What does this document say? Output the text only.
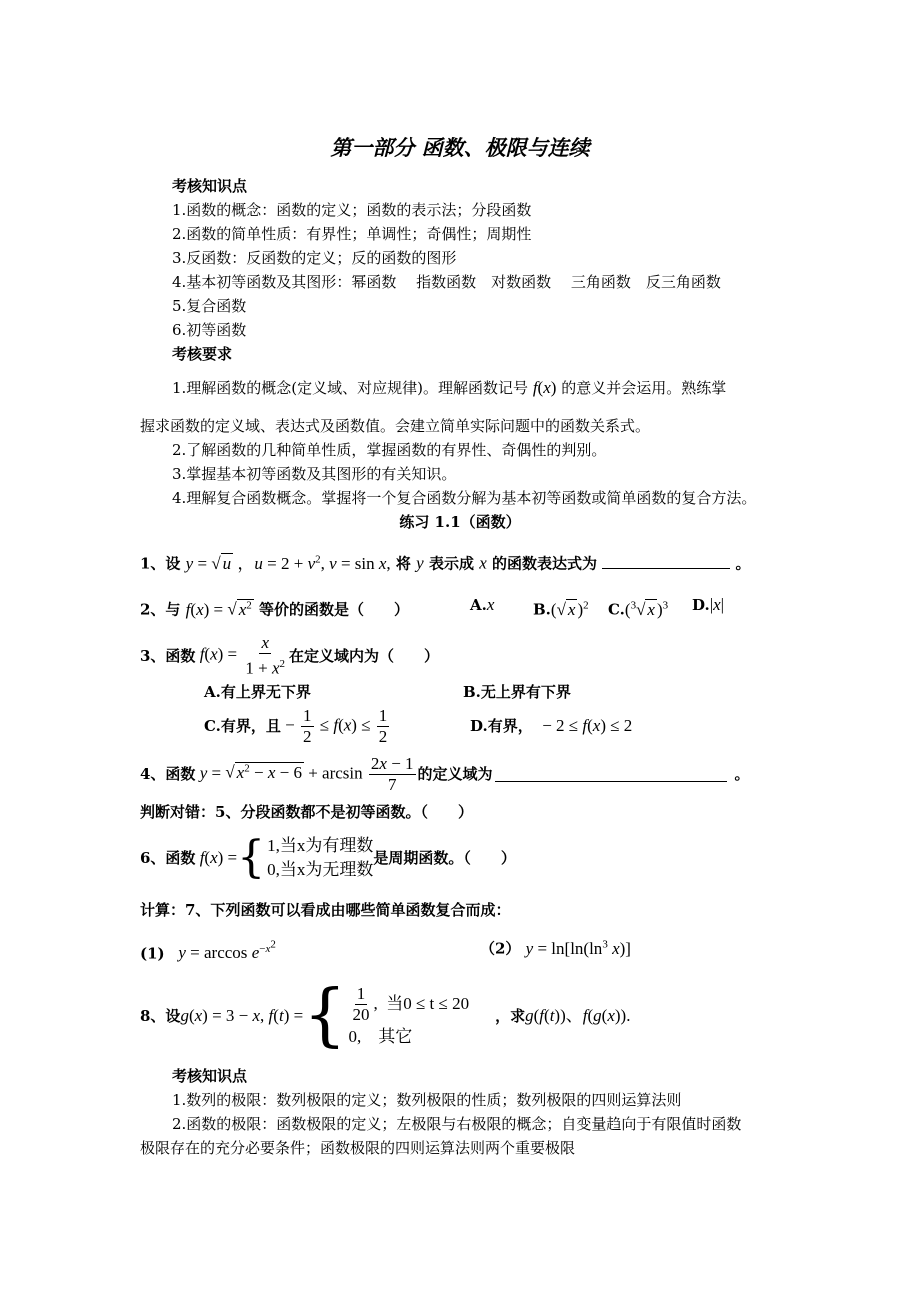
第一部分 函数、极限与连续
考核知识点
1.函数的概念：函数的定义；函数的表示法；分段函数
2.函数的简单性质：有界性；单调性；奇偶性；周期性
3.反函数：反函数的定义；反的函数的图形
4.基本初等函数及其图形：幂函数　 指数函数　对数函数　 三角函数　反三角函数
5.复合函数
6.初等函数
考核要求
1.理解函数的概念(定义域、对应规律)。理解函数记号 f(x) 的意义并会运用。熟练掌
握求函数的定义域、表达式及函数值。会建立简单实际问题中的函数关系式。
2.了解函数的几种简单性质，掌握函数的有界性、奇偶性的判别。
3.掌握基本初等函数及其图形的有关知识。
4.理解复合函数概念。掌握将一个复合函数分解为基本初等函数或简单函数的复合方法。
练习 1.1（函数）
1、设 y = √ u ，$u = 2 + v^2$, v = sin x, 将 y 表示成 x 的函数表达式为	。
2、与 f(x) = √ $x^2$ 等价的函数是（　　）	A.x	B.(√ x )$^2$ C.($^3$√ x )$^3$ D.|x|
3、函数 $f(x) = \frac{x}{1 + x^2}$ 在定义域内为（　　）
A.有上界无下界	B.无上界有下界
C.有界，且 − $\frac{1}{2} \le f(x) \le \frac{1}{2}$	D.有界，  − 2 ≤ f(x) ≤ 2
4、函数 y = √ $x^2 - x - 6 + \arcsin \frac{2x - 1}{7}$ 的定义域为	。
判断对错：5、分段函数都不是初等函数。（　　）
6、函数 f(x) = { 1,当x为有理数
0,当x为无理数
是周期函数。（　　）
计算：7、下列函数可以看成由哪些简单函数复合而成：
(1) $y = \arccos e^{-x^2}$	（2） $y = \ln[\ln(\ln^3$ x)]
8、设 g(x) = 3 − x, f(t) = { $\frac{1}{20}$ , 当0 ≤ t ≤ 20
0, 其它
，求 g(f(t))、f(g(x)).
考核知识点
1.数列的极限：数列极限的定义；数列极限的性质；数列极限的四则运算法则
2.函数的极限：函数极限的定义；左极限与右极限的概念；自变量趋向于有限值时函数
极限存在的充分必要条件；函数极限的四则运算法则两个重要极限
